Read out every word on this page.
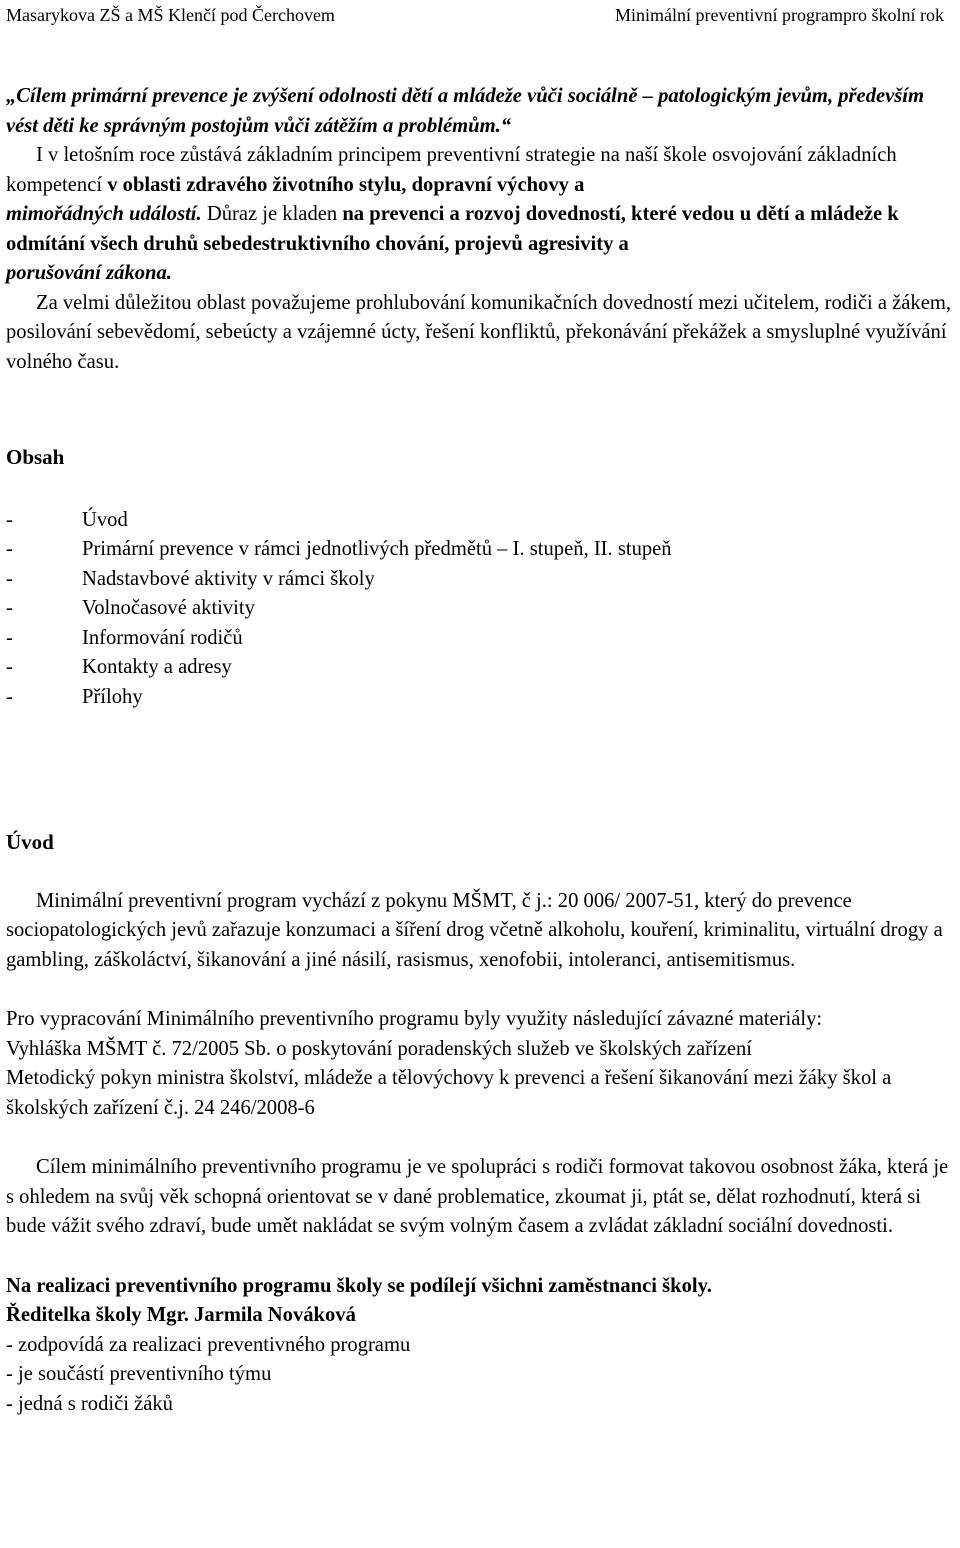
Masarykova ZŠ a MŠ Klenčí pod Čerchovem	Minimální preventivní programpro školní rok

„Cílem primární prevence je zvýšení odolnosti dětí a mládeže vůči sociálně – patologickým jevům, především vést děti ke správným postojům vůči zátěžím a problémům.“

I v letošním roce zůstává základním principem preventivní strategie na naší škole osvojování základních kompetencí v oblasti zdravého životního stylu, dopravní výchovy a
mimořádných událostí. Důraz je kladen na prevenci a rozvoj dovedností, které vedou u dětí a mládeže k odmítání všech druhů sebedestruktivního chování, projevů agresivity a
porušování zákona.

Za velmi důležitou oblast považujeme prohlubování komunikačních dovedností mezi učitelem, rodiči a žákem, posilování sebevědomí, sebeúcty a vzájemné úcty, řešení konfliktů, překonávání překážek a smysluplné využívání volného času.

Obsah

- Úvod
- Primární prevence v rámci jednotlivých předmětů – I. stupeň, II. stupeň
- Nadstavbové aktivity v rámci školy
- Volnočasové aktivity
- Informování rodičů
- Kontakty a adresy
- Přílohy

Úvod

Minimální preventivní program vychází z pokynu MŠMT, č j.: 20 006/ 2007-51, který do prevence sociopatologických jevů zařazuje konzumaci a šíření drog včetně alkoholu, kouření, kriminalitu, virtuální drogy a gambling, záškoláctví, šikanování a jiné násilí, rasismus, xenofobii, intoleranci, antisemitismus.

Pro vypracování Minimálního preventivního programu byly využity následující závazné materiály:

Vyhláška MŠMT č. 72/2005 Sb. o poskytování poradenských služeb ve školských zařízení

Metodický pokyn ministra školství, mládeže a tělovýchovy k prevenci a řešení šikanování mezi žáky škol a školských zařízení č.j. 24 246/2008-6

Cílem minimálního preventivního programu je ve spolupráci s rodiči formovat takovou osobnost žáka, která je s ohledem na svůj věk schopná orientovat se v dané problematice, zkoumat ji, ptát se, dělat rozhodnutí, která si bude vážit svého zdraví, bude umět nakládat se svým volným časem a zvládat základní sociální dovednosti.

Na realizaci preventivního programu školy se podílejí všichni zaměstnanci školy.

Ředitelka školy Mgr. Jarmila Nováková

- zodpovídá za realizaci preventivného programu

- je součástí preventivního týmu

- jedná s rodiči žáků
